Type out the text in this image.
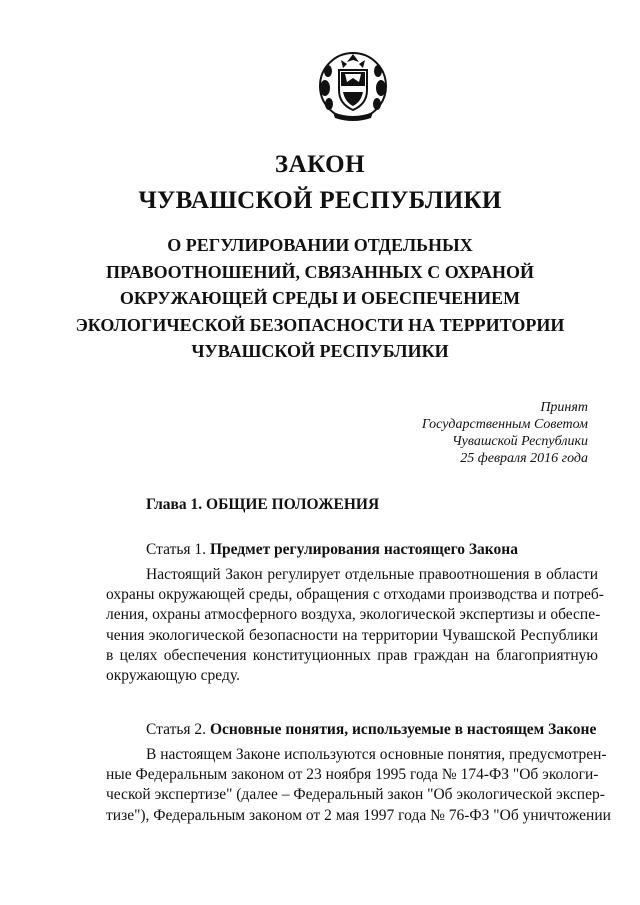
ЗАКОН
ЧУВАШСКОЙ РЕСПУБЛИКИ
О РЕГУЛИРОВАНИИ ОТДЕЛЬНЫХ
ПРАВООТНОШЕНИЙ, СВЯЗАННЫХ С ОХРАНОЙ
ОКРУЖАЮЩЕЙ СРЕДЫ И ОБЕСПЕЧЕНИЕМ
ЭКОЛОГИЧЕСКОЙ БЕЗОПАСНОСТИ НА ТЕРРИТОРИИ
ЧУВАШСКОЙ РЕСПУБЛИКИ
Принят
Государственным Советом
Чувашской Республики
25 февраля 2016 года
Глава 1. ОБЩИЕ ПОЛОЖЕНИЯ
Статья 1. Предмет регулирования настоящего Закона
Настоящий Закон регулирует отдельные правоотношения в области
охраны окружающей среды, обращения с отходами производства и потреб-
ления, охраны атмосферного воздуха, экологической экспертизы и обеспе-
чения экологической безопасности на территории Чувашской Республики
в целях обеспечения конституционных прав граждан на благоприятную
окружающую среду.
Статья 2. Основные понятия, используемые в настоящем Законе
В настоящем Законе используются основные понятия, предусмотрен-
ные Федеральным законом от 23 ноября 1995 года № 174-ФЗ "Об экологи-
ческой экспертизе" (далее – Федеральный закон "Об экологической экспер-
тизе"), Федеральным законом от 2 мая 1997 года № 76-ФЗ "Об уничтожении
